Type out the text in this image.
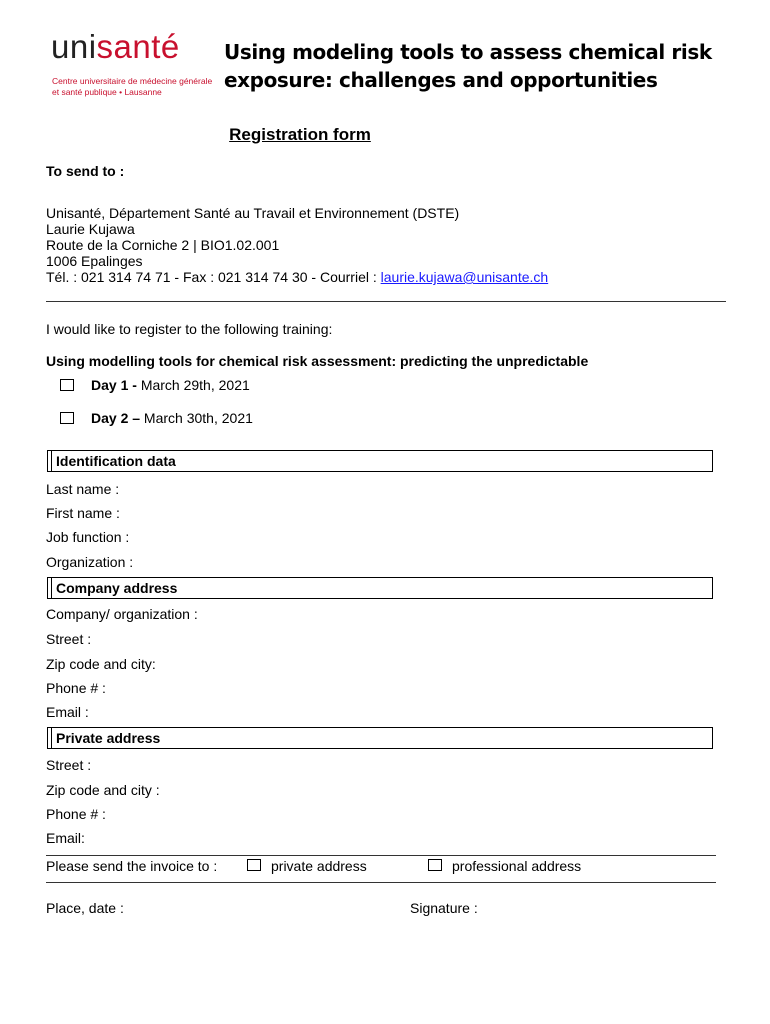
unisanté
Centre universitaire de médecine générale
et santé publique • Lausanne
Using modeling tools to assess chemical risk
exposure: challenges and opportunities
Registration form
To send to :
Unisanté, Département Santé au Travail et Environnement (DSTE)
Laurie Kujawa
Route de la Corniche 2 | BIO1.02.001
1006 Epalinges
Tél. : 021 314 74 71 - Fax : 021 314 74 30 - Courriel : laurie.kujawa@unisante.ch
I would like to register to the following training:
Using modelling tools for chemical risk assessment: predicting the unpredictable
Day 1 - March 29th, 2021
Day 2 – March 30th, 2021
Identification data
Last name :
First name :
Job function :
Organization :
Company address
Company/ organization :
Street :
Zip code and city:
Phone # :
Email :
Private address
Street :
Zip code and city :
Phone # :
Email:
Please send the invoice to :	private address	professional address
Place, date :	Signature :
